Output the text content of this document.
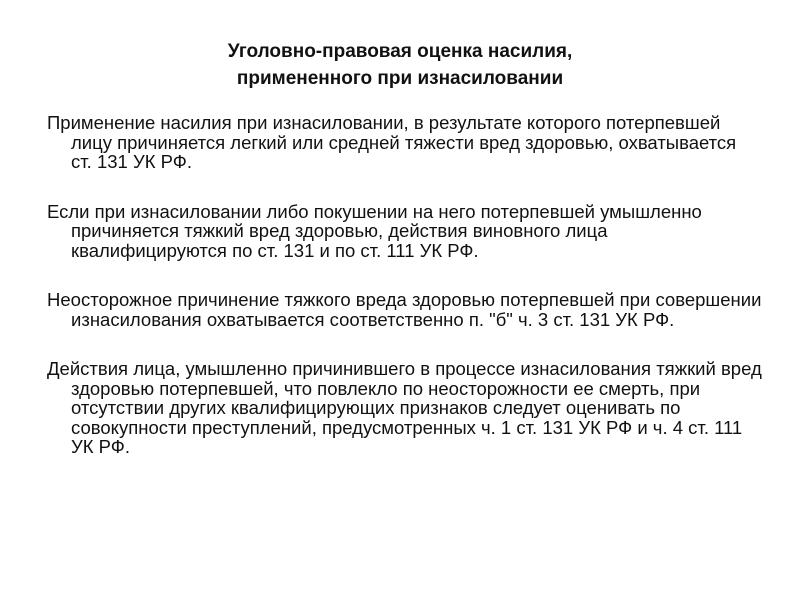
Уголовно-правовая оценка насилия,
примененного при изнасиловании

Применение насилия при изнасиловании, в результате которого потерпевшей лицу причиняется легкий или средней тяжести вред здоровью, охватывается ст. 131 УК РФ.

Если при изнасиловании либо покушении на него потерпевшей умышленно причиняется тяжкий вред здоровью, действия виновного лица квалифицируются по ст. 131 и по ст. 111 УК РФ.

Неосторожное причинение тяжкого вреда здоровью потерпевшей при совершении изнасилования охватывается соответственно п. "б" ч. 3 ст. 131 УК РФ.

Действия лица, умышленно причинившего в процессе изнасилования тяжкий вред здоровью потерпевшей, что повлекло по неосторожности ее смерть, при отсутствии других квалифицирующих признаков следует оценивать по совокупности преступлений, предусмотренных ч. 1 ст. 131 УК РФ и ч. 4 ст. 111 УК РФ.
